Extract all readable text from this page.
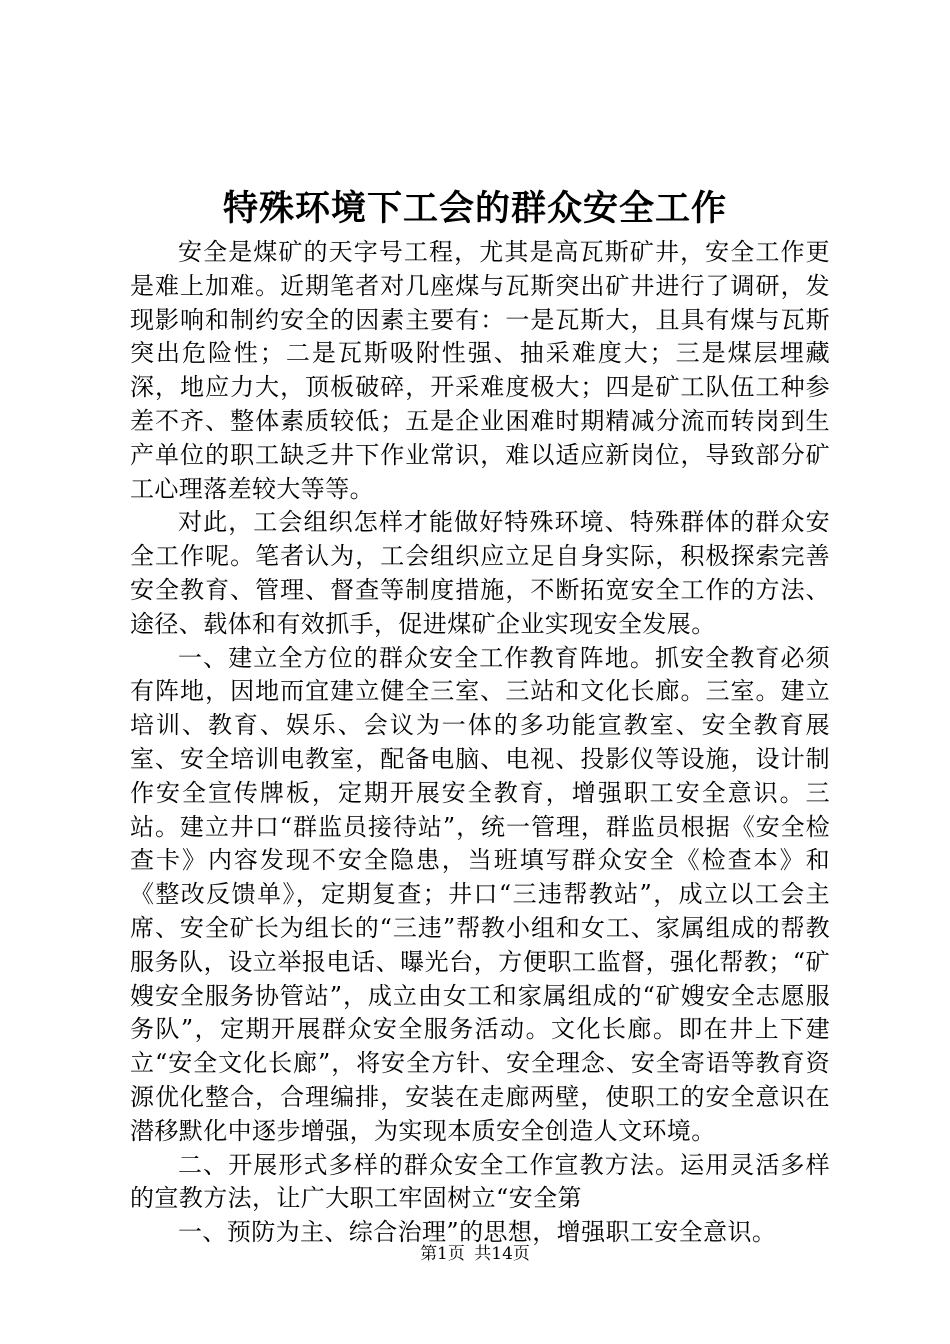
特殊环境下工会的群众安全工作

安全是煤矿的天字号工程，尤其是高瓦斯矿井，安全工作更是难上加难。近期笔者对几座煤与瓦斯突出矿井进行了调研，发现影响和制约安全的因素主要有：一是瓦斯大，且具有煤与瓦斯突出危险性；二是瓦斯吸附性强、抽采难度大；三是煤层埋藏深，地应力大，顶板破碎，开采难度极大；四是矿工队伍工种参差不齐、整体素质较低；五是企业困难时期精减分流而转岗到生产单位的职工缺乏井下作业常识，难以适应新岗位，导致部分矿工心理落差较大等等。

对此，工会组织怎样才能做好特殊环境、特殊群体的群众安全工作呢。笔者认为，工会组织应立足自身实际，积极探索完善安全教育、管理、督查等制度措施，不断拓宽安全工作的方法、途径、载体和有效抓手，促进煤矿企业实现安全发展。

一、建立全方位的群众安全工作教育阵地。抓安全教育必须有阵地，因地而宜建立健全三室、三站和文化长廊。三室。建立培训、教育、娱乐、会议为一体的多功能宣教室、安全教育展室、安全培训电教室，配备电脑、电视、投影仪等设施，设计制作安全宣传牌板，定期开展安全教育，增强职工安全意识。三站。建立井口“群监员接待站”，统一管理，群监员根据《安全检查卡》内容发现不安全隐患，当班填写群众安全《检查本》和《整改反馈单》，定期复查；井口“三违帮教站”，成立以工会主席、安全矿长为组长的“三违”帮教小组和女工、家属组成的帮教服务队，设立举报电话、曝光台，方便职工监督，强化帮教；“矿嫂安全服务协管站”，成立由女工和家属组成的“矿嫂安全志愿服务队”，定期开展群众安全服务活动。文化长廊。即在井上下建立“安全文化长廊”，将安全方针、安全理念、安全寄语等教育资源优化整合，合理编排，安装在走廊两壁，使职工的安全意识在潜移默化中逐步增强，为实现本质安全创造人文环境。

二、开展形式多样的群众安全工作宣教方法。运用灵活多样的宣教方法，让广大职工牢固树立“安全第

一、预防为主、综合治理”的思想，增强职工安全意识。

第1页 共14页
